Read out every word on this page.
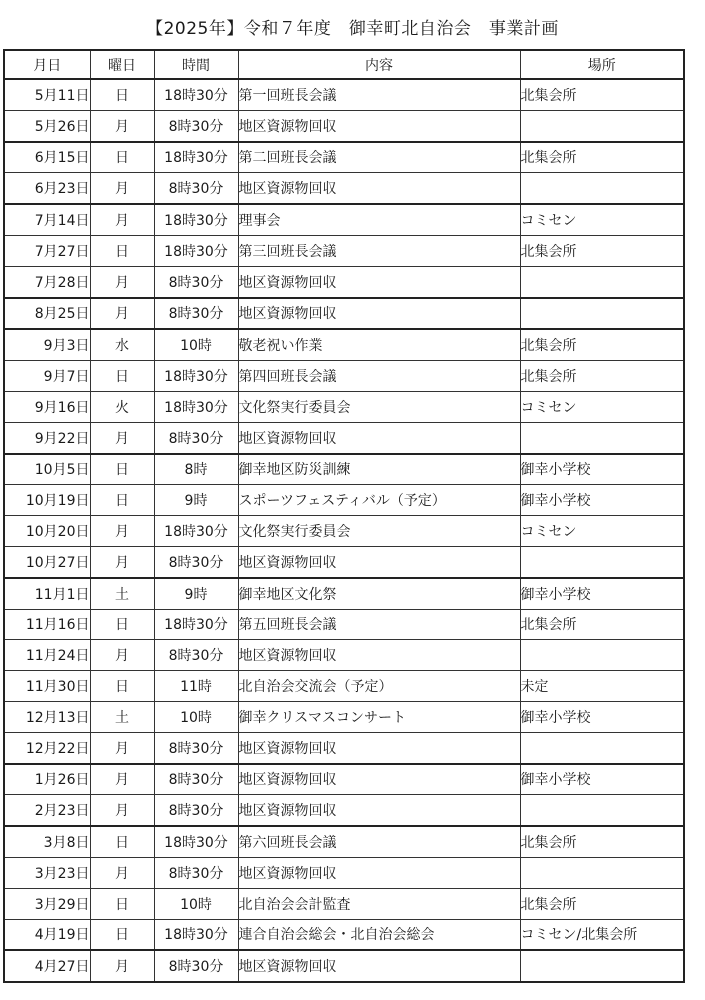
【2025年】令和７年度　御幸町北自治会　事業計画
月日	曜日	時間	内容	場所
5月11日	日	18時30分	第一回班長会議	北集会所
5月26日	月	8時30分	地区資源物回収	
6月15日	日	18時30分	第二回班長会議	北集会所
6月23日	月	8時30分	地区資源物回収	
7月14日	月	18時30分	理事会	コミセン
7月27日	日	18時30分	第三回班長会議	北集会所
7月28日	月	8時30分	地区資源物回収	
8月25日	月	8時30分	地区資源物回収	
9月3日	水	10時	敬老祝い作業	北集会所
9月7日	日	18時30分	第四回班長会議	北集会所
9月16日	火	18時30分	文化祭実行委員会	コミセン
9月22日	月	8時30分	地区資源物回収	
10月5日	日	8時	御幸地区防災訓練	御幸小学校
10月19日	日	9時	スポーツフェスティバル（予定）	御幸小学校
10月20日	月	18時30分	文化祭実行委員会	コミセン
10月27日	月	8時30分	地区資源物回収	
11月1日	土	9時	御幸地区文化祭	御幸小学校
11月16日	日	18時30分	第五回班長会議	北集会所
11月24日	月	8時30分	地区資源物回収	
11月30日	日	11時	北自治会交流会（予定）	未定
12月13日	土	10時	御幸クリスマスコンサート	御幸小学校
12月22日	月	8時30分	地区資源物回収	
1月26日	月	8時30分	地区資源物回収	御幸小学校
2月23日	月	8時30分	地区資源物回収	
3月8日	日	18時30分	第六回班長会議	北集会所
3月23日	月	8時30分	地区資源物回収	
3月29日	日	10時	北自治会会計監査	北集会所
4月19日	日	18時30分	連合自治会総会・北自治会総会	コミセン/北集会所
4月27日	月	8時30分	地区資源物回収	
